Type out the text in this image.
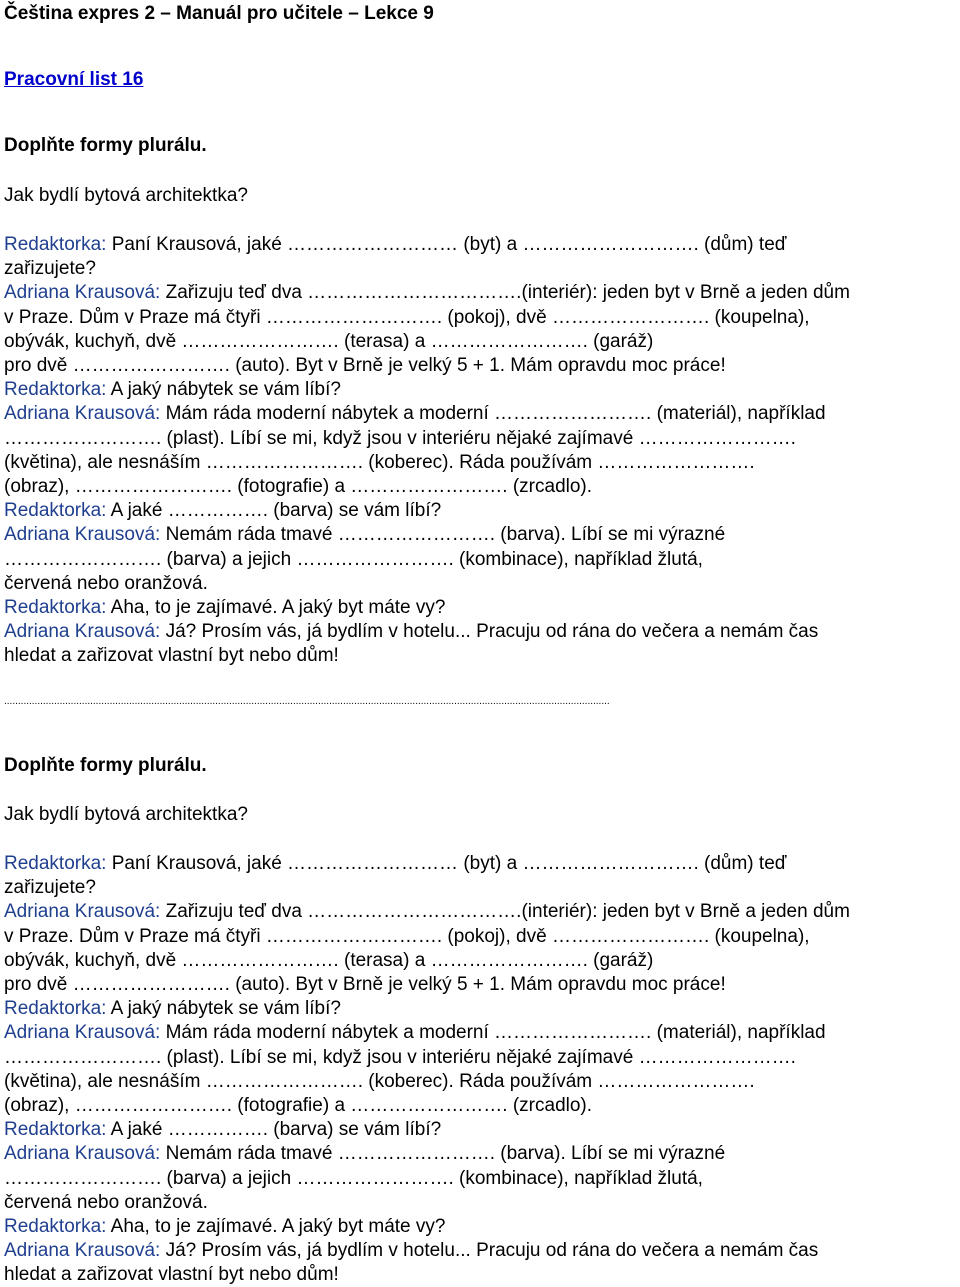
Čeština expres 2 – Manuál pro učitele – Lekce 9
Pracovní list 16
Doplňte formy plurálu.
Jak bydlí bytová architektka?
Redaktorka: Paní Krausová, jaké ……………………… (byt) a ………………………. (dům) teď
zařizujete?
Adriana Krausová: Zařizuju teď dva …………………………….(interiér): jeden byt v Brně a jeden dům
v Praze. Dům v Praze má čtyři ………………………. (pokoj), dvě ……………………. (koupelna),
obývák, kuchyň, dvě ……………………. (terasa) a ……………………. (garáž)
pro dvě ……………………. (auto). Byt v Brně je velký 5 + 1. Mám opravdu moc práce!
Redaktorka: A jaký nábytek se vám líbí?
Adriana Krausová: Mám ráda moderní nábytek a moderní ……………………. (materiál), například
……………………. (plast). Líbí se mi, když jsou v interiéru nějaké zajímavé …………………….
(květina), ale nesnáším ……………………. (koberec). Ráda používám …………………….
(obraz), ……………………. (fotografie) a ……………………. (zrcadlo).
Redaktorka: A jaké ……………. (barva) se vám líbí?
Adriana Krausová: Nemám ráda tmavé ……………………. (barva). Líbí se mi výrazné
……………………. (barva) a jejich ……………………. (kombinace), například žlutá,
červená nebo oranžová.
Redaktorka: Aha, to je zajímavé. A jaký byt máte vy?
Adriana Krausová: Já? Prosím vás, já bydlím v hotelu... Pracuju od rána do večera a nemám čas
hledat a zařizovat vlastní byt nebo dům!
..........................................................................................................................................................................................................................
Doplňte formy plurálu.
Jak bydlí bytová architektka?
Redaktorka: Paní Krausová, jaké ……………………… (byt) a ………………………. (dům) teď
zařizujete?
Adriana Krausová: Zařizuju teď dva …………………………….(interiér): jeden byt v Brně a jeden dům
v Praze. Dům v Praze má čtyři ………………………. (pokoj), dvě ……………………. (koupelna),
obývák, kuchyň, dvě ……………………. (terasa) a ……………………. (garáž)
pro dvě ……………………. (auto). Byt v Brně je velký 5 + 1. Mám opravdu moc práce!
Redaktorka: A jaký nábytek se vám líbí?
Adriana Krausová: Mám ráda moderní nábytek a moderní ……………………. (materiál), například
……………………. (plast). Líbí se mi, když jsou v interiéru nějaké zajímavé …………………….
(květina), ale nesnáším ……………………. (koberec). Ráda používám …………………….
(obraz), ……………………. (fotografie) a ……………………. (zrcadlo).
Redaktorka: A jaké ……………. (barva) se vám líbí?
Adriana Krausová: Nemám ráda tmavé ……………………. (barva). Líbí se mi výrazné
……………………. (barva) a jejich ……………………. (kombinace), například žlutá,
červená nebo oranžová.
Redaktorka: Aha, to je zajímavé. A jaký byt máte vy?
Adriana Krausová: Já? Prosím vás, já bydlím v hotelu... Pracuju od rána do večera a nemám čas
hledat a zařizovat vlastní byt nebo dům!
